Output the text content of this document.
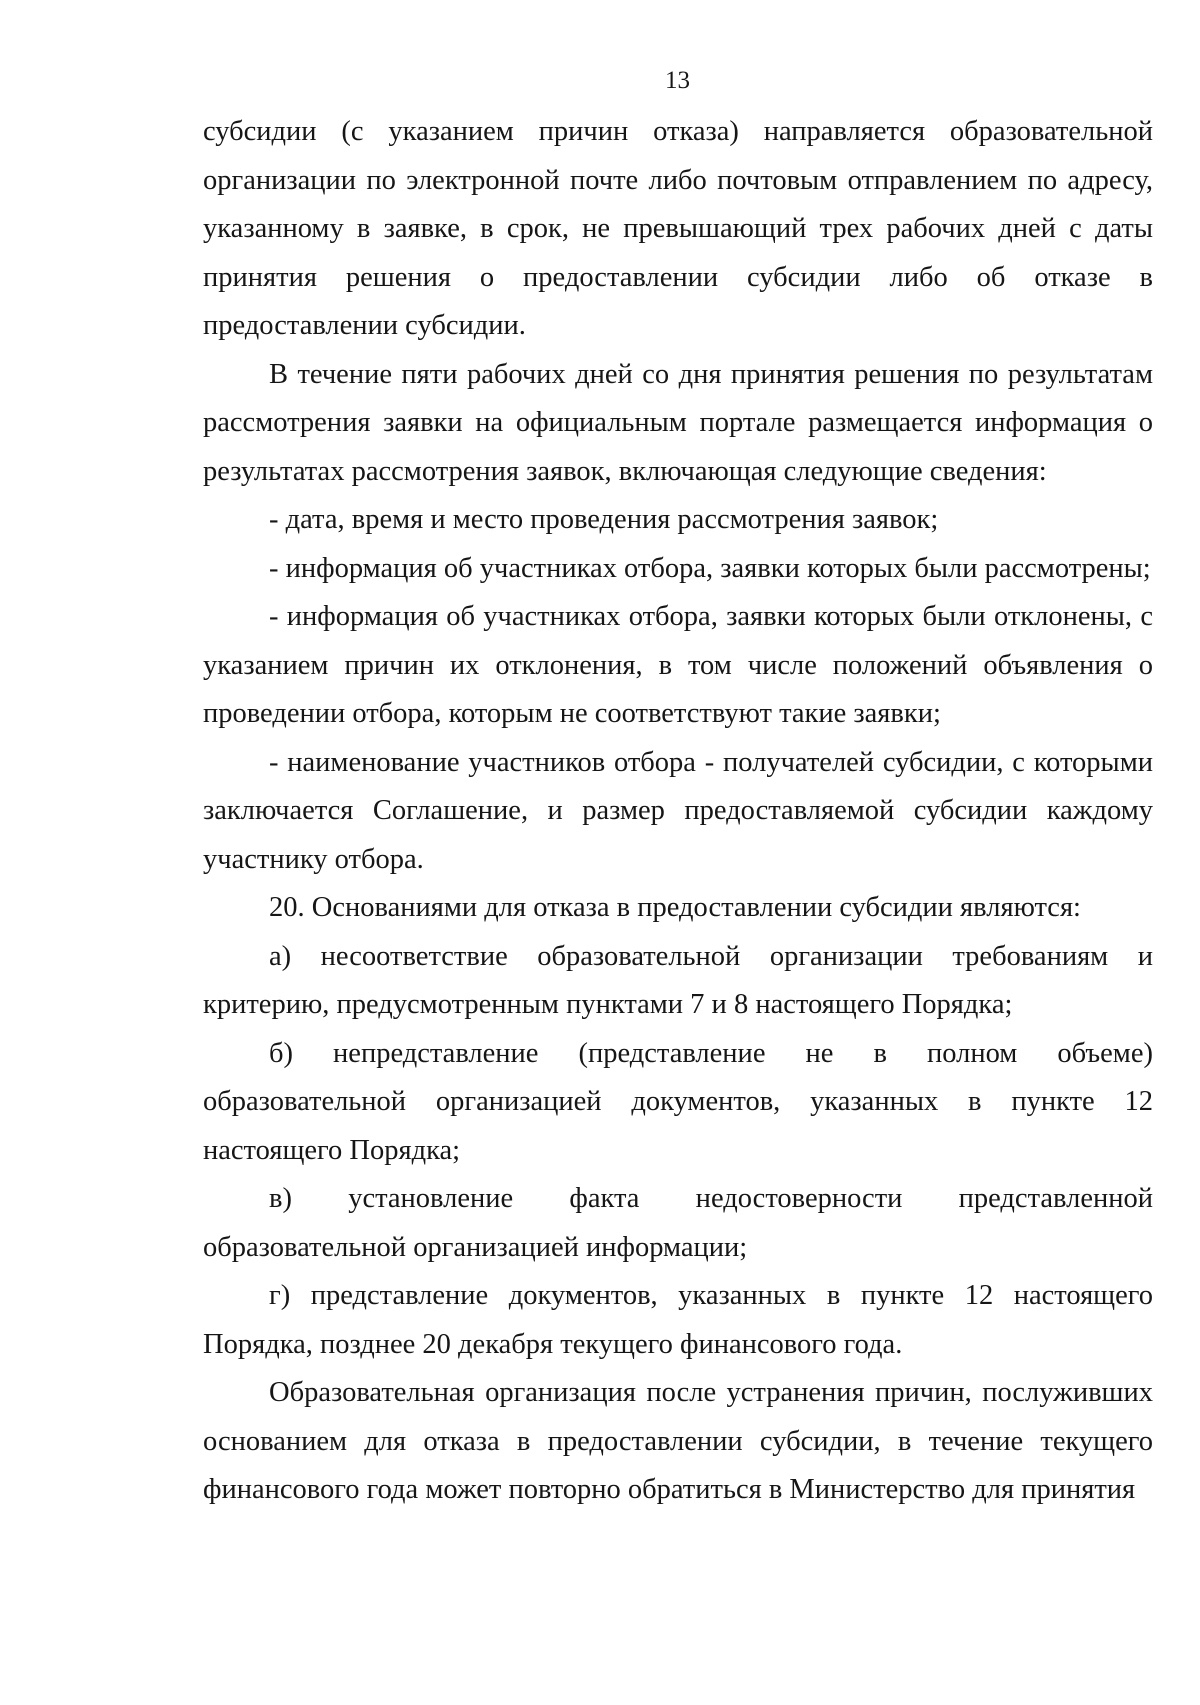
13

субсидии (с указанием причин отказа) направляется образовательной организации по электронной почте либо почтовым отправлением по адресу, указанному в заявке, в срок, не превышающий трех рабочих дней с даты принятия решения о предоставлении субсидии либо об отказе в предоставлении субсидии.

В течение пяти рабочих дней со дня принятия решения по результатам рассмотрения заявки на официальным портале размещается информация о результатах рассмотрения заявок, включающая следующие сведения:

- дата, время и место проведения рассмотрения заявок;

- информация об участниках отбора, заявки которых были рассмотрены;

- информация об участниках отбора, заявки которых были отклонены, с указанием причин их отклонения, в том числе положений объявления о проведении отбора, которым не соответствуют такие заявки;

- наименование участников отбора - получателей субсидии, с которыми заключается Соглашение, и размер предоставляемой субсидии каждому участнику отбора.

20. Основаниями для отказа в предоставлении субсидии являются:

а) несоответствие образовательной организации требованиям и критерию, предусмотренным пунктами 7 и 8 настоящего Порядка;

б) непредставление (представление не в полном объеме) образовательной организацией документов, указанных в пункте 12 настоящего Порядка;

в) установление факта недостоверности представленной образовательной организацией информации;

г) представление документов, указанных в пункте 12 настоящего Порядка, позднее 20 декабря текущего финансового года.

Образовательная организация после устранения причин, послуживших основанием для отказа в предоставлении субсидии, в течение текущего финансового года может повторно обратиться в Министерство для принятия
